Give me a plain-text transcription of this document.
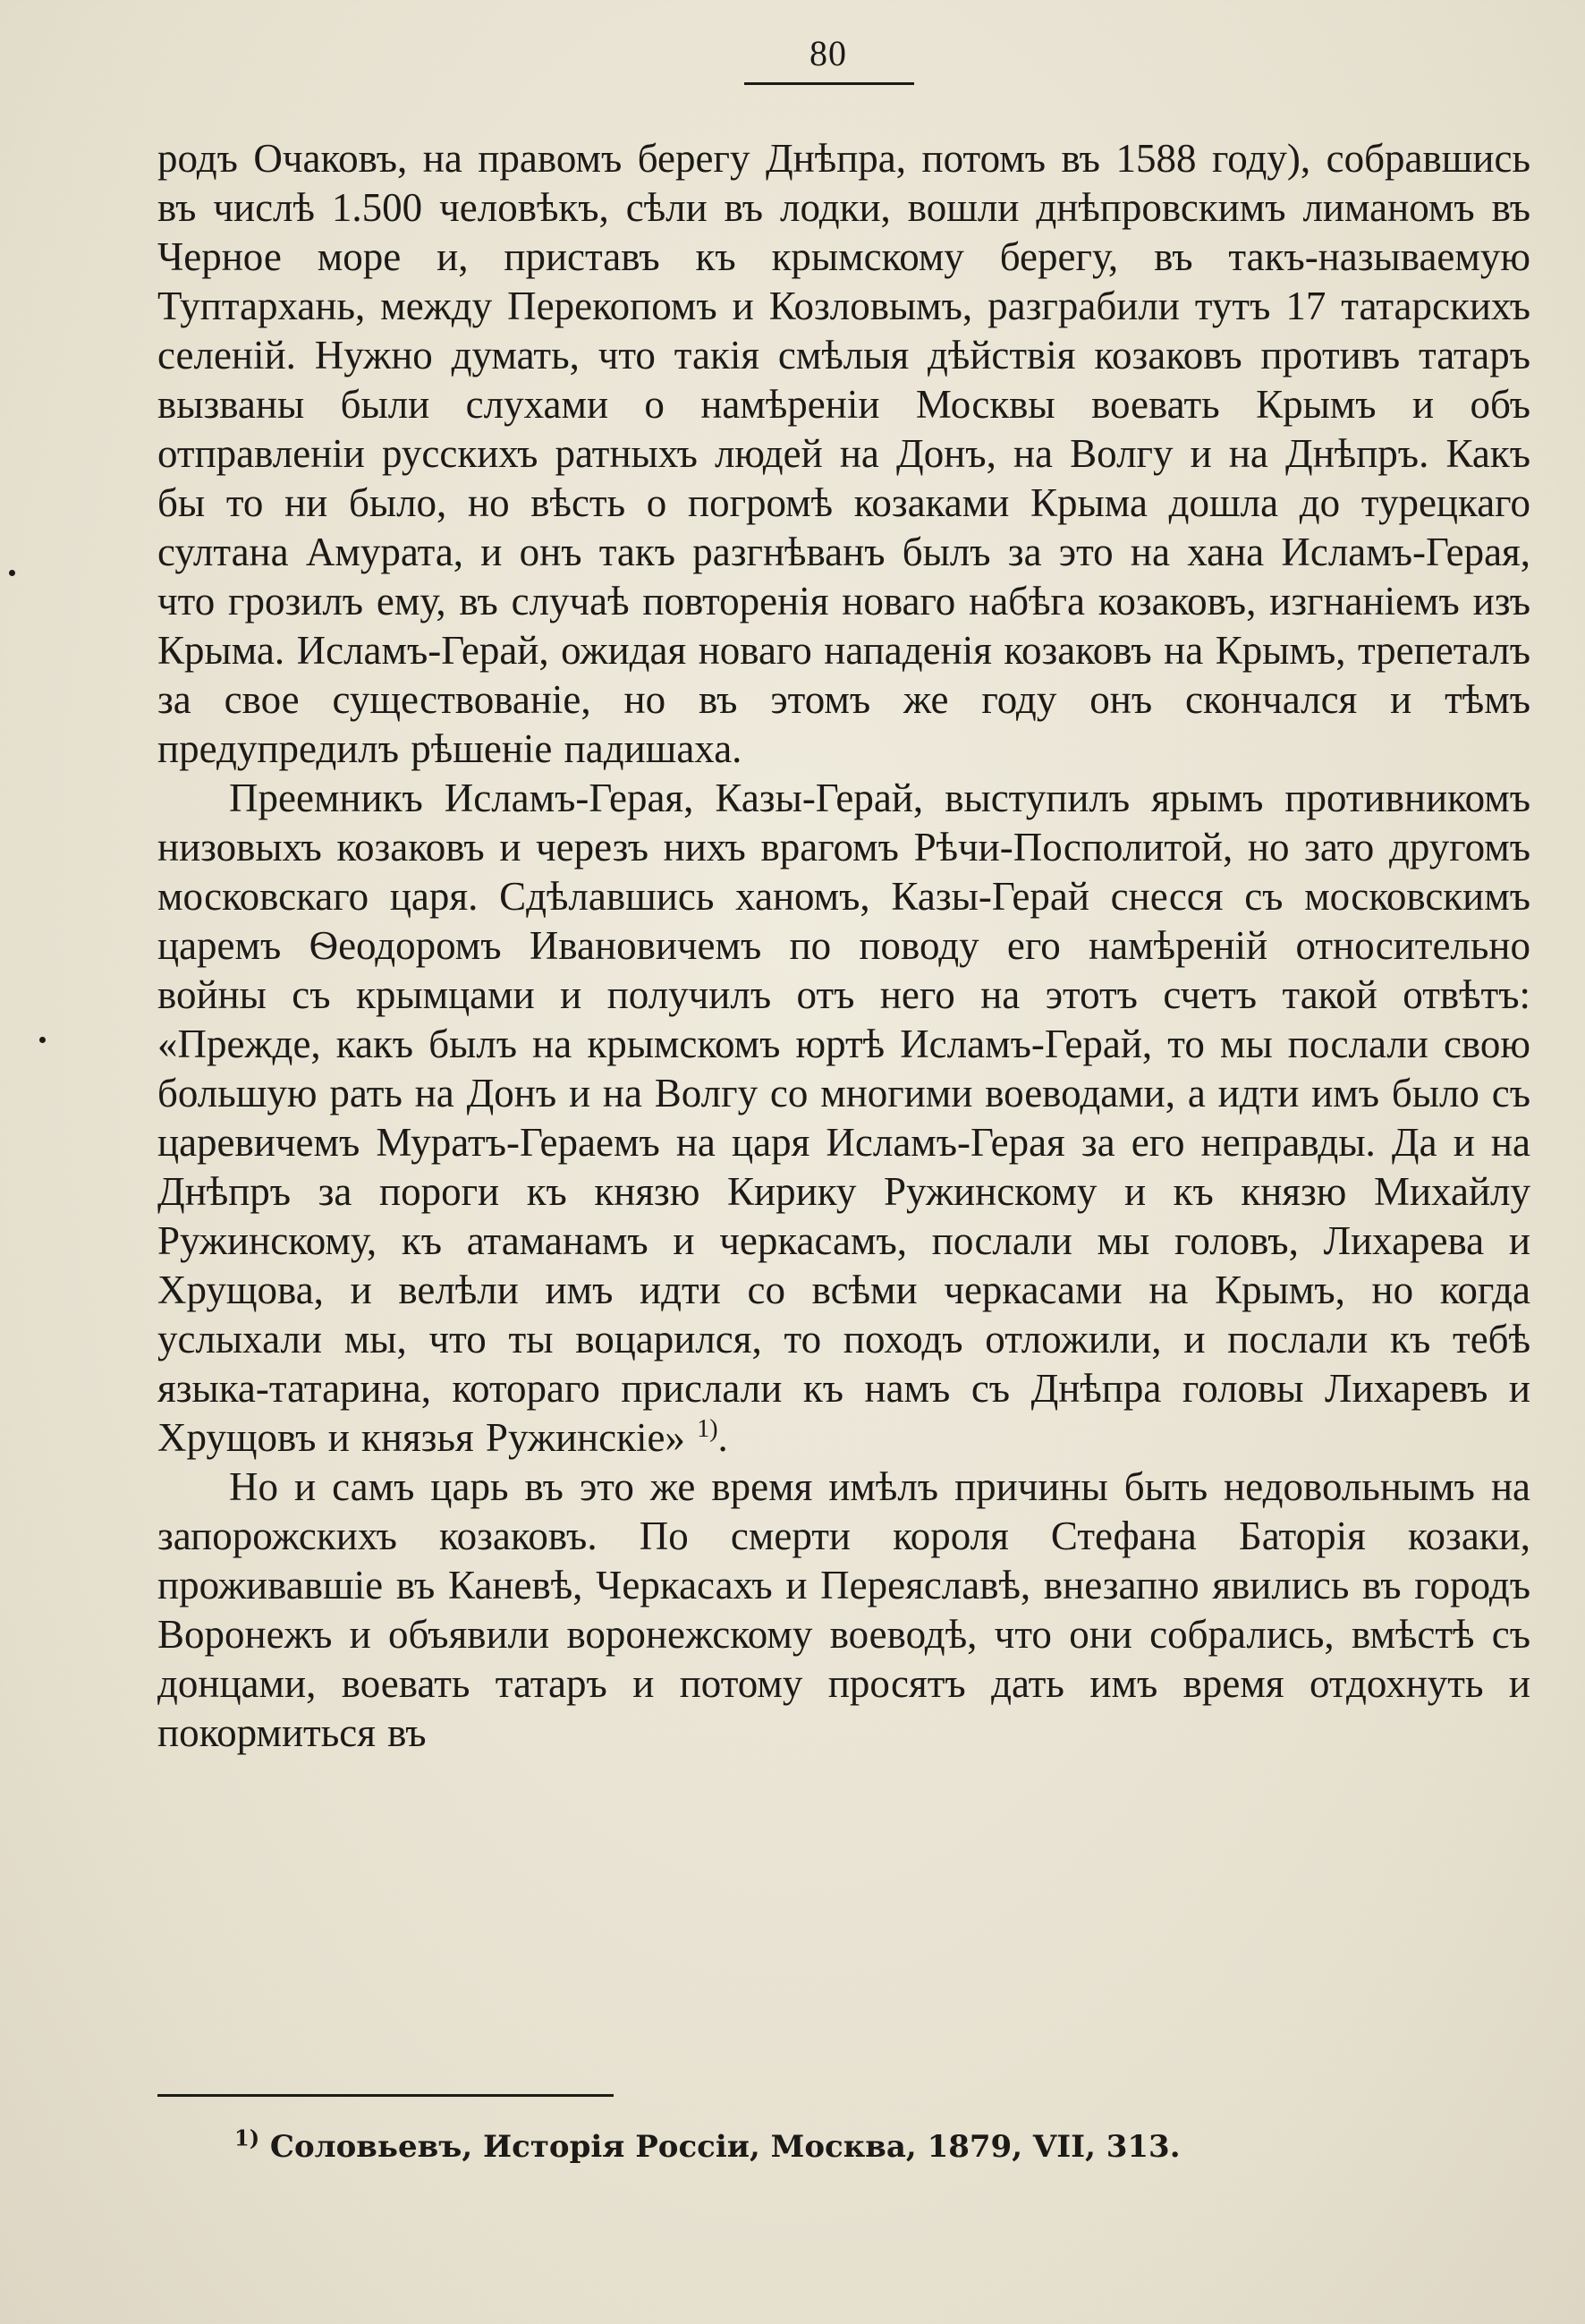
80

родъ Очаковъ, на правомъ берегу Днѣпра, потомъ въ 1588 году), собравшись въ числѣ 1.500 человѣкъ, сѣли въ лодки, вошли днѣпровскимъ лиманомъ въ Черное море и, приставъ къ крымскому берегу, въ такъ-называемую Туптархань, между Перекопомъ и Козловымъ, разграбили тутъ 17 татарскихъ селеній. Нужно думать, что такія смѣлыя дѣйствія козаковъ противъ татаръ вызваны были слухами о намѣреніи Москвы воевать Крымъ и объ отправленіи русскихъ ратныхъ людей на Донъ, на Волгу и на Днѣпръ. Какъ бы то ни было, но вѣсть о погромѣ козаками Крыма дошла до турецкаго султана Амурата, и онъ такъ разгнѣванъ былъ за это на хана Исламъ-Герая, что грозилъ ему, въ случаѣ повторенія новаго набѣга козаковъ, изгнаніемъ изъ Крыма. Исламъ-Герай, ожидая новаго нападенія козаковъ на Крымъ, трепеталъ за свое существованіе, но въ этомъ же году онъ скончался и тѣмъ предупредилъ рѣшеніе падишаха.

Преемникъ Исламъ-Герая, Казы-Герай, выступилъ ярымъ противникомъ низовыхъ козаковъ и черезъ нихъ врагомъ Рѣчи-Посполитой, но зато другомъ московскаго царя. Сдѣлавшись ханомъ, Казы-Герай снесся съ московскимъ царемъ Ѳеодоромъ Ивановичемъ по поводу его намѣреній относительно войны съ крымцами и получилъ отъ него на этотъ счетъ такой отвѣтъ: «Прежде, какъ былъ на крымскомъ юртѣ Исламъ-Герай, то мы послали свою большую рать на Донъ и на Волгу со многими воеводами, а идти имъ было съ царевичемъ Муратъ-Гераемъ на царя Исламъ-Герая за его неправды. Да и на Днѣпръ за пороги къ князю Кирику Ружинскому и къ князю Михайлу Ружинскому, къ атаманамъ и черкасамъ, послали мы головъ, Лихарева и Хрущова, и велѣли имъ идти со всѣми черкасами на Крымъ, но когда услыхали мы, что ты воцарился, то походъ отложили, и послали къ тебѣ языка-татарина, котораго прислали къ намъ съ Днѣпра головы Лихаревъ и Хрущовъ и князья Ружинскіе» $^{1)}$.

Но и самъ царь въ это же время имѣлъ причины быть недовольнымъ на запорожскихъ козаковъ. По смерти короля Стефана Баторія козаки, проживавшіе въ Каневѣ, Черкасахъ и Переяславѣ, внезапно явились въ городъ Воронежъ и объявили воронежскому воеводѣ, что они собрались, вмѣстѣ съ донцами, воевать татаръ и потому просятъ дать имъ время отдохнуть и покормиться въ

$^{1)}$ Соловьевъ, Исторія Россіи, Москва, 1879, VII, 313.
